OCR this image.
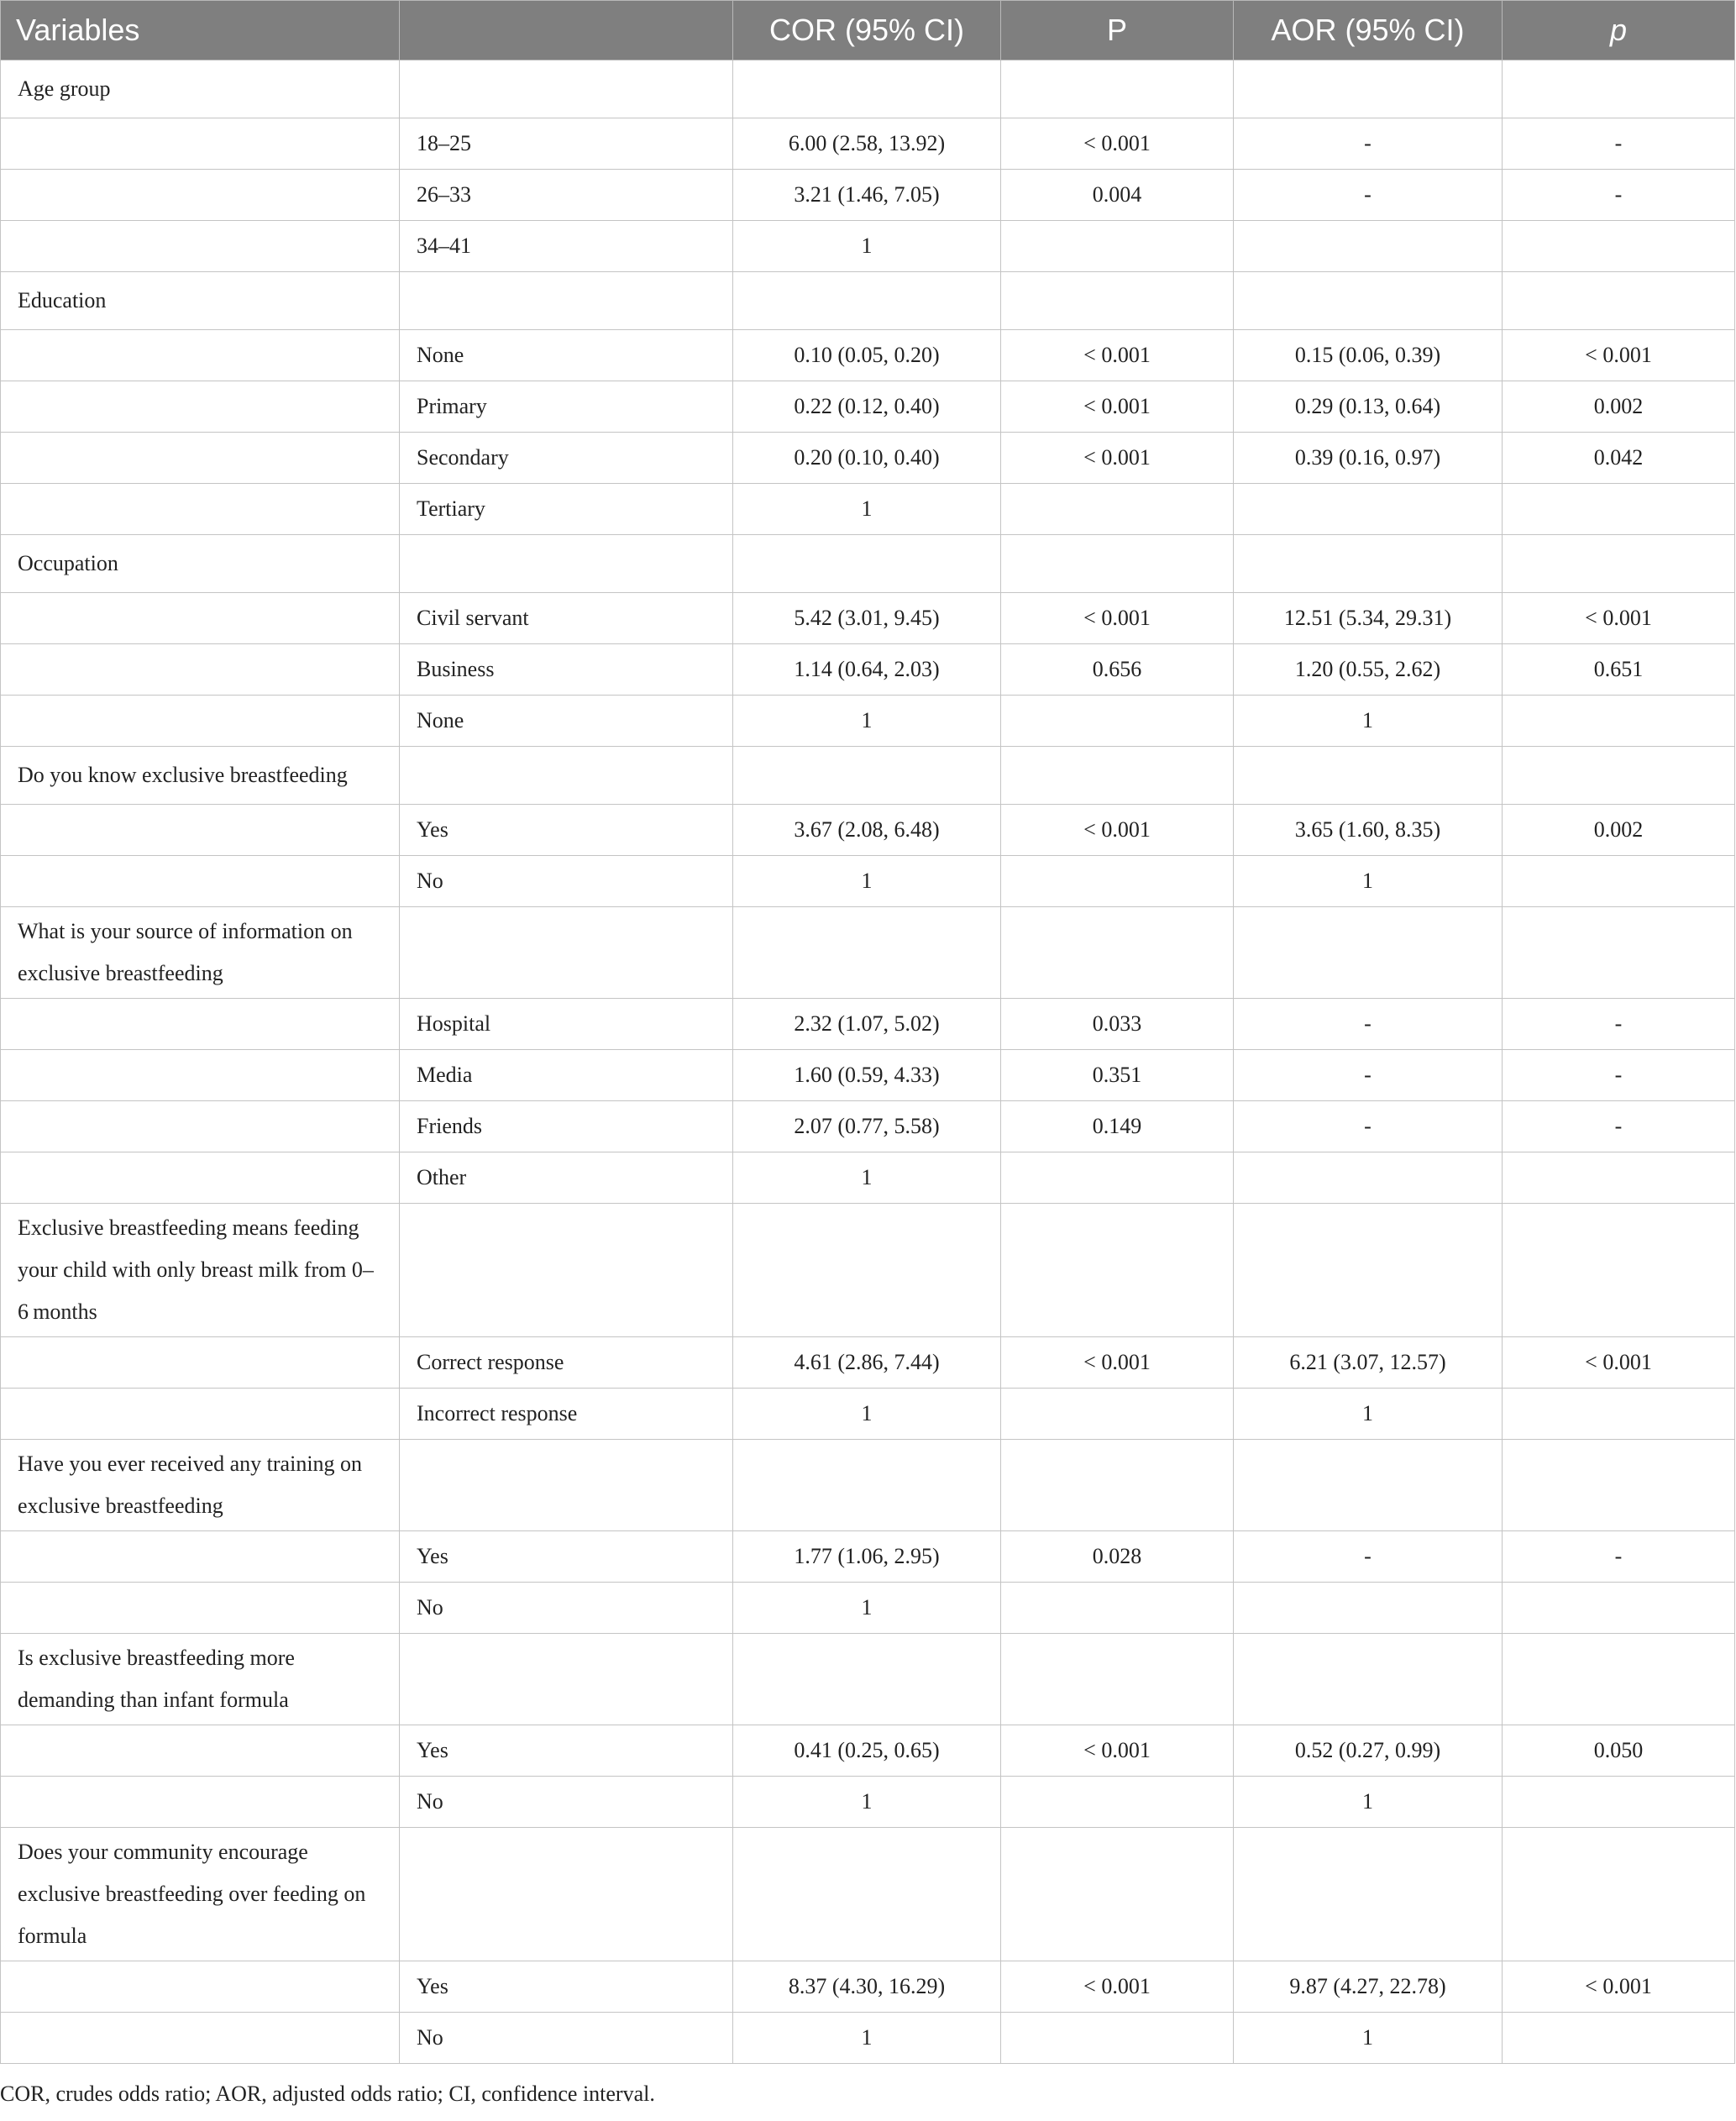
Variables		COR (95% CI)	P	AOR (95% CI)	p
Age group					
	18–25	6.00 (2.58, 13.92)	< 0.001	-	-
	26–33	3.21 (1.46, 7.05)	0.004	-	-
	34–41	1			
Education					
	None	0.10 (0.05, 0.20)	< 0.001	0.15 (0.06, 0.39)	< 0.001
	Primary	0.22 (0.12, 0.40)	< 0.001	0.29 (0.13, 0.64)	0.002
	Secondary	0.20 (0.10, 0.40)	< 0.001	0.39 (0.16, 0.97)	0.042
	Tertiary	1			
Occupation					
	Civil servant	5.42 (3.01, 9.45)	< 0.001	12.51 (5.34, 29.31)	< 0.001
	Business	1.14 (0.64, 2.03)	0.656	1.20 (0.55, 2.62)	0.651
	None	1		1	
Do you know exclusive breastfeeding					
	Yes	3.67 (2.08, 6.48)	< 0.001	3.65 (1.60, 8.35)	0.002
	No	1		1	
What is your source of information on exclusive breastfeeding					
	Hospital	2.32 (1.07, 5.02)	0.033	-	-
	Media	1.60 (0.59, 4.33)	0.351	-	-
	Friends	2.07 (0.77, 5.58)	0.149	-	-
	Other	1			
Exclusive breastfeeding means feeding your child with only breast milk from 0–6 months					
	Correct response	4.61 (2.86, 7.44)	< 0.001	6.21 (3.07, 12.57)	< 0.001
	Incorrect response	1		1	
Have you ever received any training on exclusive breastfeeding					
	Yes	1.77 (1.06, 2.95)	0.028	-	-
	No	1			
Is exclusive breastfeeding more demanding than infant formula					
	Yes	0.41 (0.25, 0.65)	< 0.001	0.52 (0.27, 0.99)	0.050
	No	1		1	
Does your community encourage exclusive breastfeeding over feeding on formula					
	Yes	8.37 (4.30, 16.29)	< 0.001	9.87 (4.27, 22.78)	< 0.001
	No	1		1	
COR, crudes odds ratio; AOR, adjusted odds ratio; CI, confidence interval.
